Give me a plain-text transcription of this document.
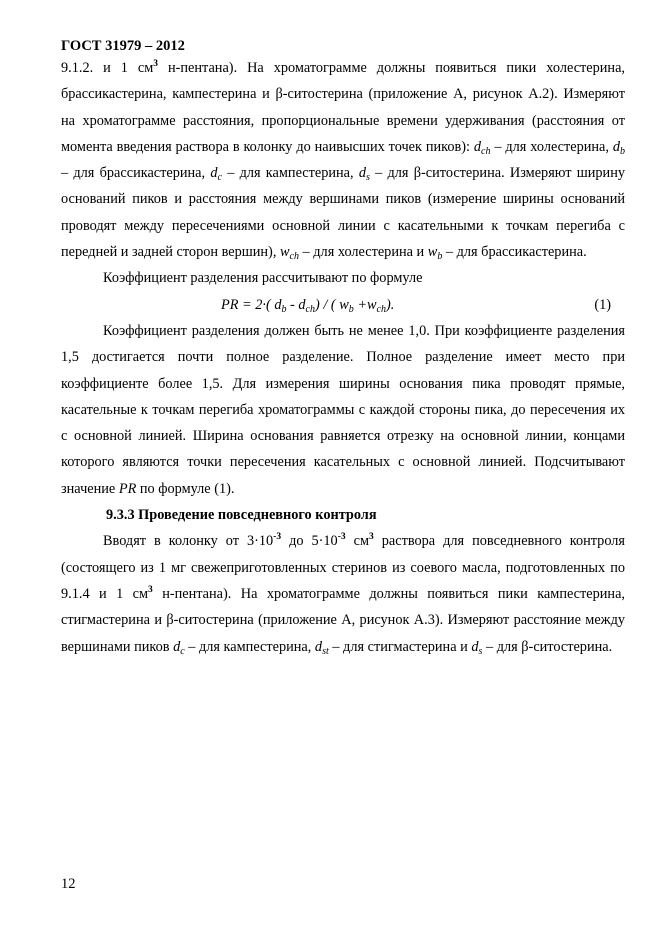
ГОСТ 31979 – 2012

9.1.2. и 1 $см^3$ н-пентана). На хроматограмме должны появиться пики холестерина, брассикастерина, кампестерина и β-ситостерина (приложение А, рисунок А.2). Измеряют на хроматограмме расстояния, пропорциональные времени удерживания (расстояния от момента введения раствора в колонку до наивысших точек пиков): $d_{ch}$ – для холестерина, $d_b$ – для брассикастерина, $d_c$ – для кампестерина, $d_s$ – для β-ситостерина. Измеряют ширину оснований пиков и расстояния между вершинами пиков (измерение ширины оснований проводят между пересечениями основной линии с касательными к точкам перегиба с передней и задней сторон вершин), $w_{ch}$ – для холестерина и $w_b$ – для брассикастерина.

Коэффициент разделения рассчитывают по формуле

PR = 2·( $d_b - d_{ch}$) / ( $w_b +w_{ch}$).	(1)

Коэффициент разделения должен быть не менее 1,0. При коэффициенте разделения 1,5 достигается почти полное разделение. Полное разделение имеет место при коэффициенте более 1,5. Для измерения ширины основания пика проводят прямые, касательные к точкам перегиба хроматограммы с каждой стороны пика, до пересечения их с основной линией. Ширина основания равняется отрезку на основной линии, концами которого являются точки пересечения касательных с основной линией. Подсчитывают значение PR по формуле (1).

9.3.3 Проведение повседневного контроля

Вводят в колонку от $3\cdot 10^{-3}$ до $5\cdot 10^{-3}$ $см^3$ раствора для повседневного контроля (состоящего из 1 мг свежеприготовленных стеринов из соевого масла, подготовленных по 9.1.4 и 1 $см^3$ н-пентана). На хроматограмме должны появиться пики кампестерина, стигмастерина и β-ситостерина (приложение А, рисунок А.3). Измеряют расстояние между вершинами пиков $d_c$ – для кампестерина, $d_{st}$ – для стигмастерина и $d_s$ – для β-ситостерина.

12
